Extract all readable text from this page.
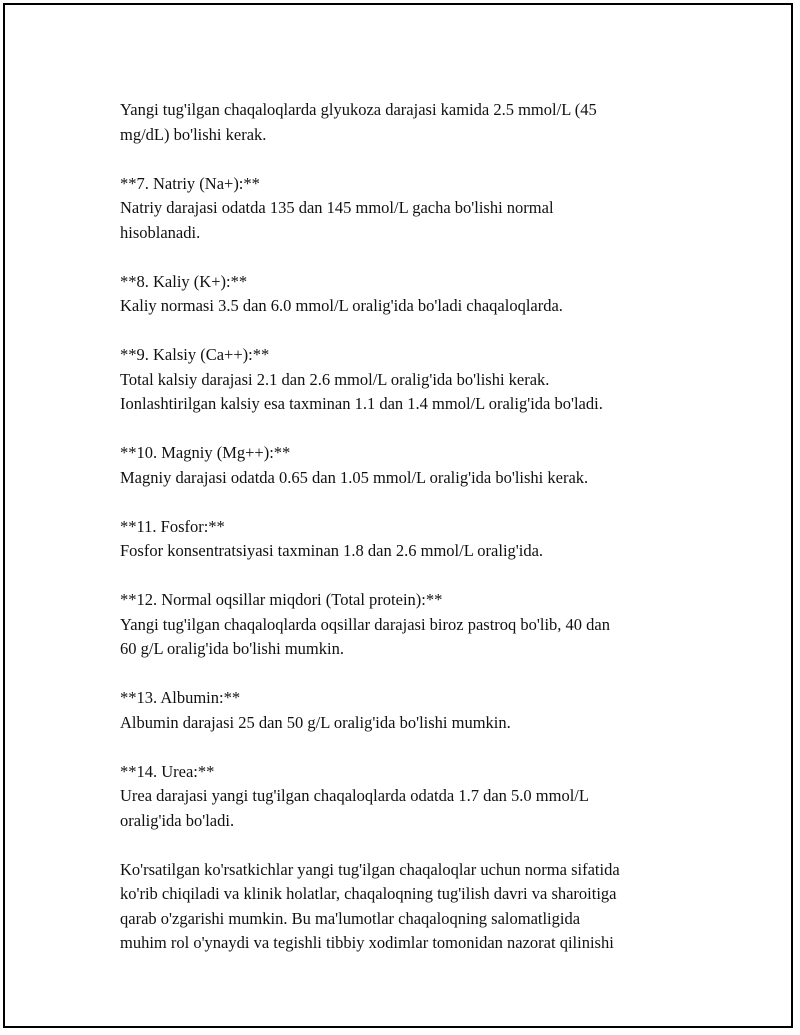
Yangi tug'ilgan chaqaloqlarda glyukoza darajasi kamida 2.5 mmol/L (45
mg/dL) bo'lishi kerak.

**7. Natriy (Na+):**
Natriy darajasi odatda 135 dan 145 mmol/L gacha bo'lishi normal
hisoblanadi.

**8. Kaliy (K+):**
Kaliy normasi 3.5 dan 6.0 mmol/L oralig'ida bo'ladi chaqaloqlarda.

**9. Kalsiy (Ca++):**
Total kalsiy darajasi 2.1 dan 2.6 mmol/L oralig'ida bo'lishi kerak.
Ionlashtirilgan kalsiy esa taxminan 1.1 dan 1.4 mmol/L oralig'ida bo'ladi.

**10. Magniy (Mg++):**
Magniy darajasi odatda 0.65 dan 1.05 mmol/L oralig'ida bo'lishi kerak.

**11. Fosfor:**
Fosfor konsentratsiyasi taxminan 1.8 dan 2.6 mmol/L oralig'ida.

**12. Normal oqsillar miqdori (Total protein):**
Yangi tug'ilgan chaqaloqlarda oqsillar darajasi biroz pastroq bo'lib, 40 dan
60 g/L oralig'ida bo'lishi mumkin.

**13. Albumin:**
Albumin darajasi 25 dan 50 g/L oralig'ida bo'lishi mumkin.

**14. Urea:**
Urea darajasi yangi tug'ilgan chaqaloqlarda odatda 1.7 dan 5.0 mmol/L
oralig'ida bo'ladi.

Ko'rsatilgan ko'rsatkichlar yangi tug'ilgan chaqaloqlar uchun norma sifatida
ko'rib chiqiladi va klinik holatlar, chaqaloqning tug'ilish davri va sharoitiga
qarab o'zgarishi mumkin. Bu ma'lumotlar chaqaloqning salomatligida
muhim rol o'ynaydi va tegishli tibbiy xodimlar tomonidan nazorat qilinishi
